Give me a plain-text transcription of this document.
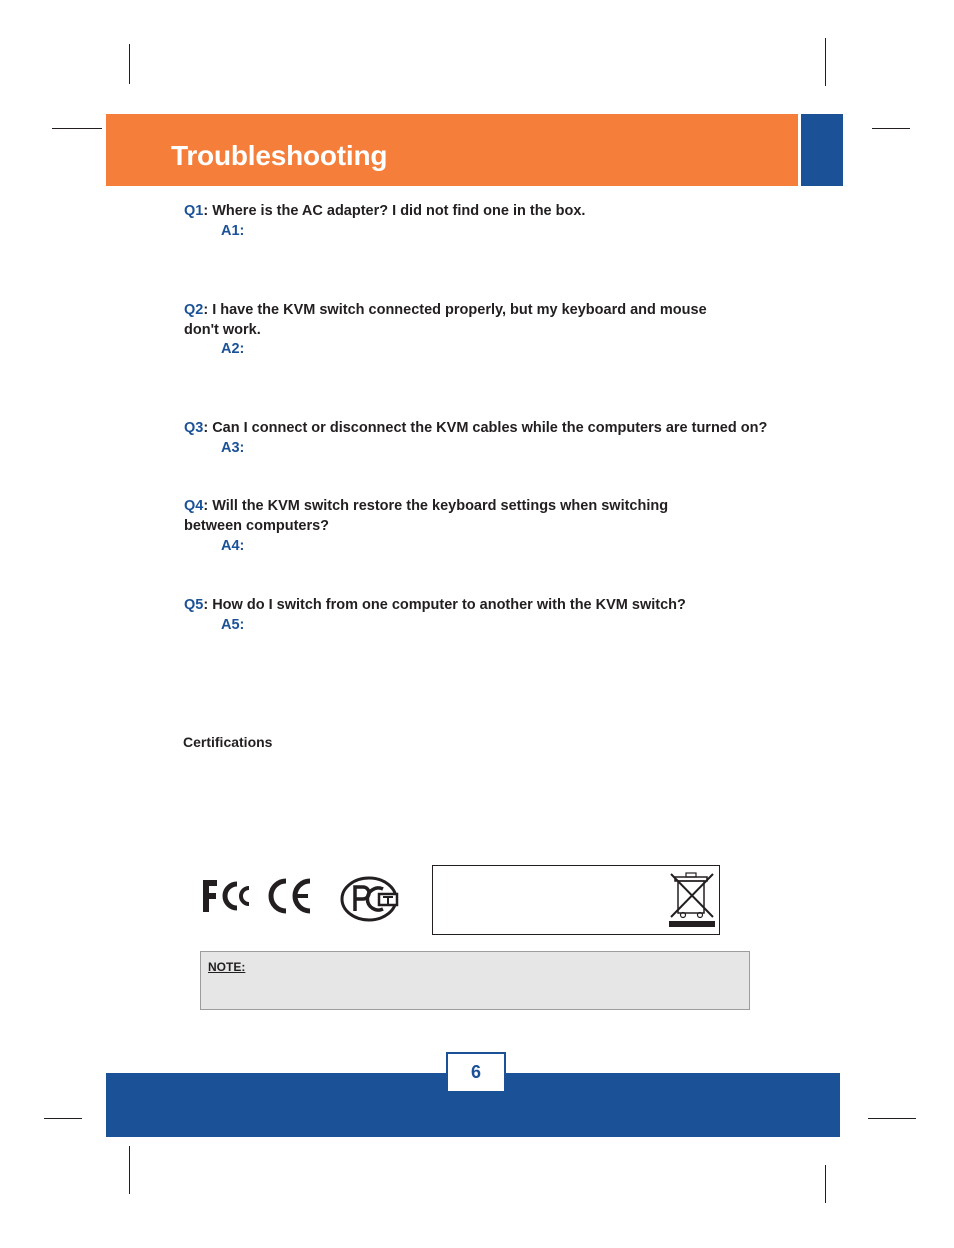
Troubleshooting
Q1: Where is the AC adapter? I did not find one in the box.
A1:
Q2: I have the KVM switch connected properly, but my keyboard and mouse don't work.
A2:
Q3: Can I connect or disconnect the KVM cables while the computers are turned on?
A3:
Q4: Will the KVM switch restore the keyboard settings when switching between computers?
A4:
Q5: How do I switch from one computer to another with the KVM switch?
A5:
Certifications
NOTE:
6
